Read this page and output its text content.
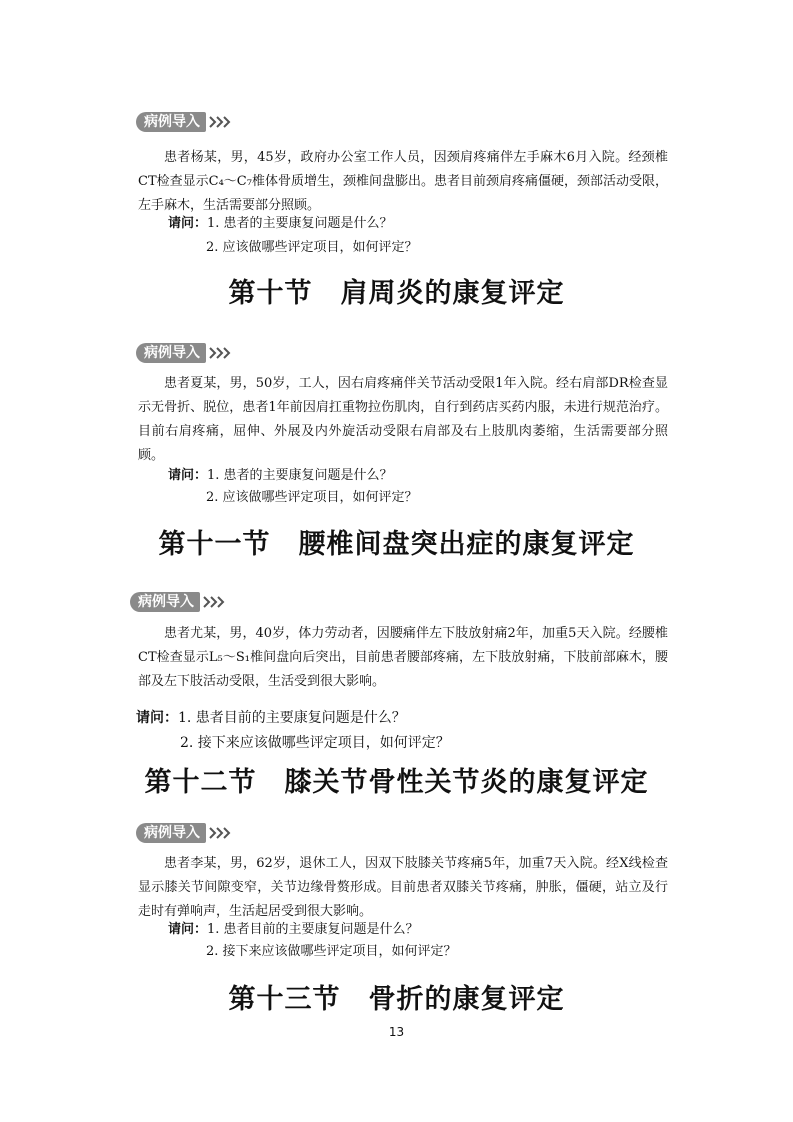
病例导入

患者杨某，男，45岁，政府办公室工作人员，因颈肩疼痛伴左手麻木6月入院。经颈椎CT检查显示C₄～C₇椎体骨质增生，颈椎间盘膨出。患者目前颈肩疼痛僵硬，颈部活动受限，左手麻木，生活需要部分照顾。

请问：1. 患者的主要康复问题是什么？
2. 应该做哪些评定项目，如何评定？
第十节 肩周炎的康复评定
病例导入

患者夏某，男，50岁，工人，因右肩疼痛伴关节活动受限1年入院。经右肩部DR检查显示无骨折、脱位，患者1年前因肩扛重物拉伤肌肉，自行到药店买药内服，未进行规范治疗。目前右肩疼痛，屈伸、外展及内外旋活动受限右肩部及右上肢肌肉萎缩，生活需要部分照顾。

请问：1. 患者的主要康复问题是什么？
2. 应该做哪些评定项目，如何评定？
第十一节 腰椎间盘突出症的康复评定
病例导入

患者尤某，男，40岁，体力劳动者，因腰痛伴左下肢放射痛2年，加重5天入院。经腰椎CT检查显示L₅～S₁椎间盘向后突出，目前患者腰部疼痛，左下肢放射痛，下肢前部麻木，腰部及左下肢活动受限，生活受到很大影响。

请问：1. 患者目前的主要康复问题是什么？
2. 接下来应该做哪些评定项目，如何评定？
第十二节 膝关节骨性关节炎的康复评定
病例导入

患者李某，男，62岁，退休工人，因双下肢膝关节疼痛5年，加重7天入院。经X线检查显示膝关节间隙变窄，关节边缘骨赘形成。目前患者双膝关节疼痛，肿胀，僵硬，站立及行走时有弹响声，生活起居受到很大影响。

请问：1. 患者目前的主要康复问题是什么？
2. 接下来应该做哪些评定项目，如何评定？
第十三节 骨折的康复评定
13
